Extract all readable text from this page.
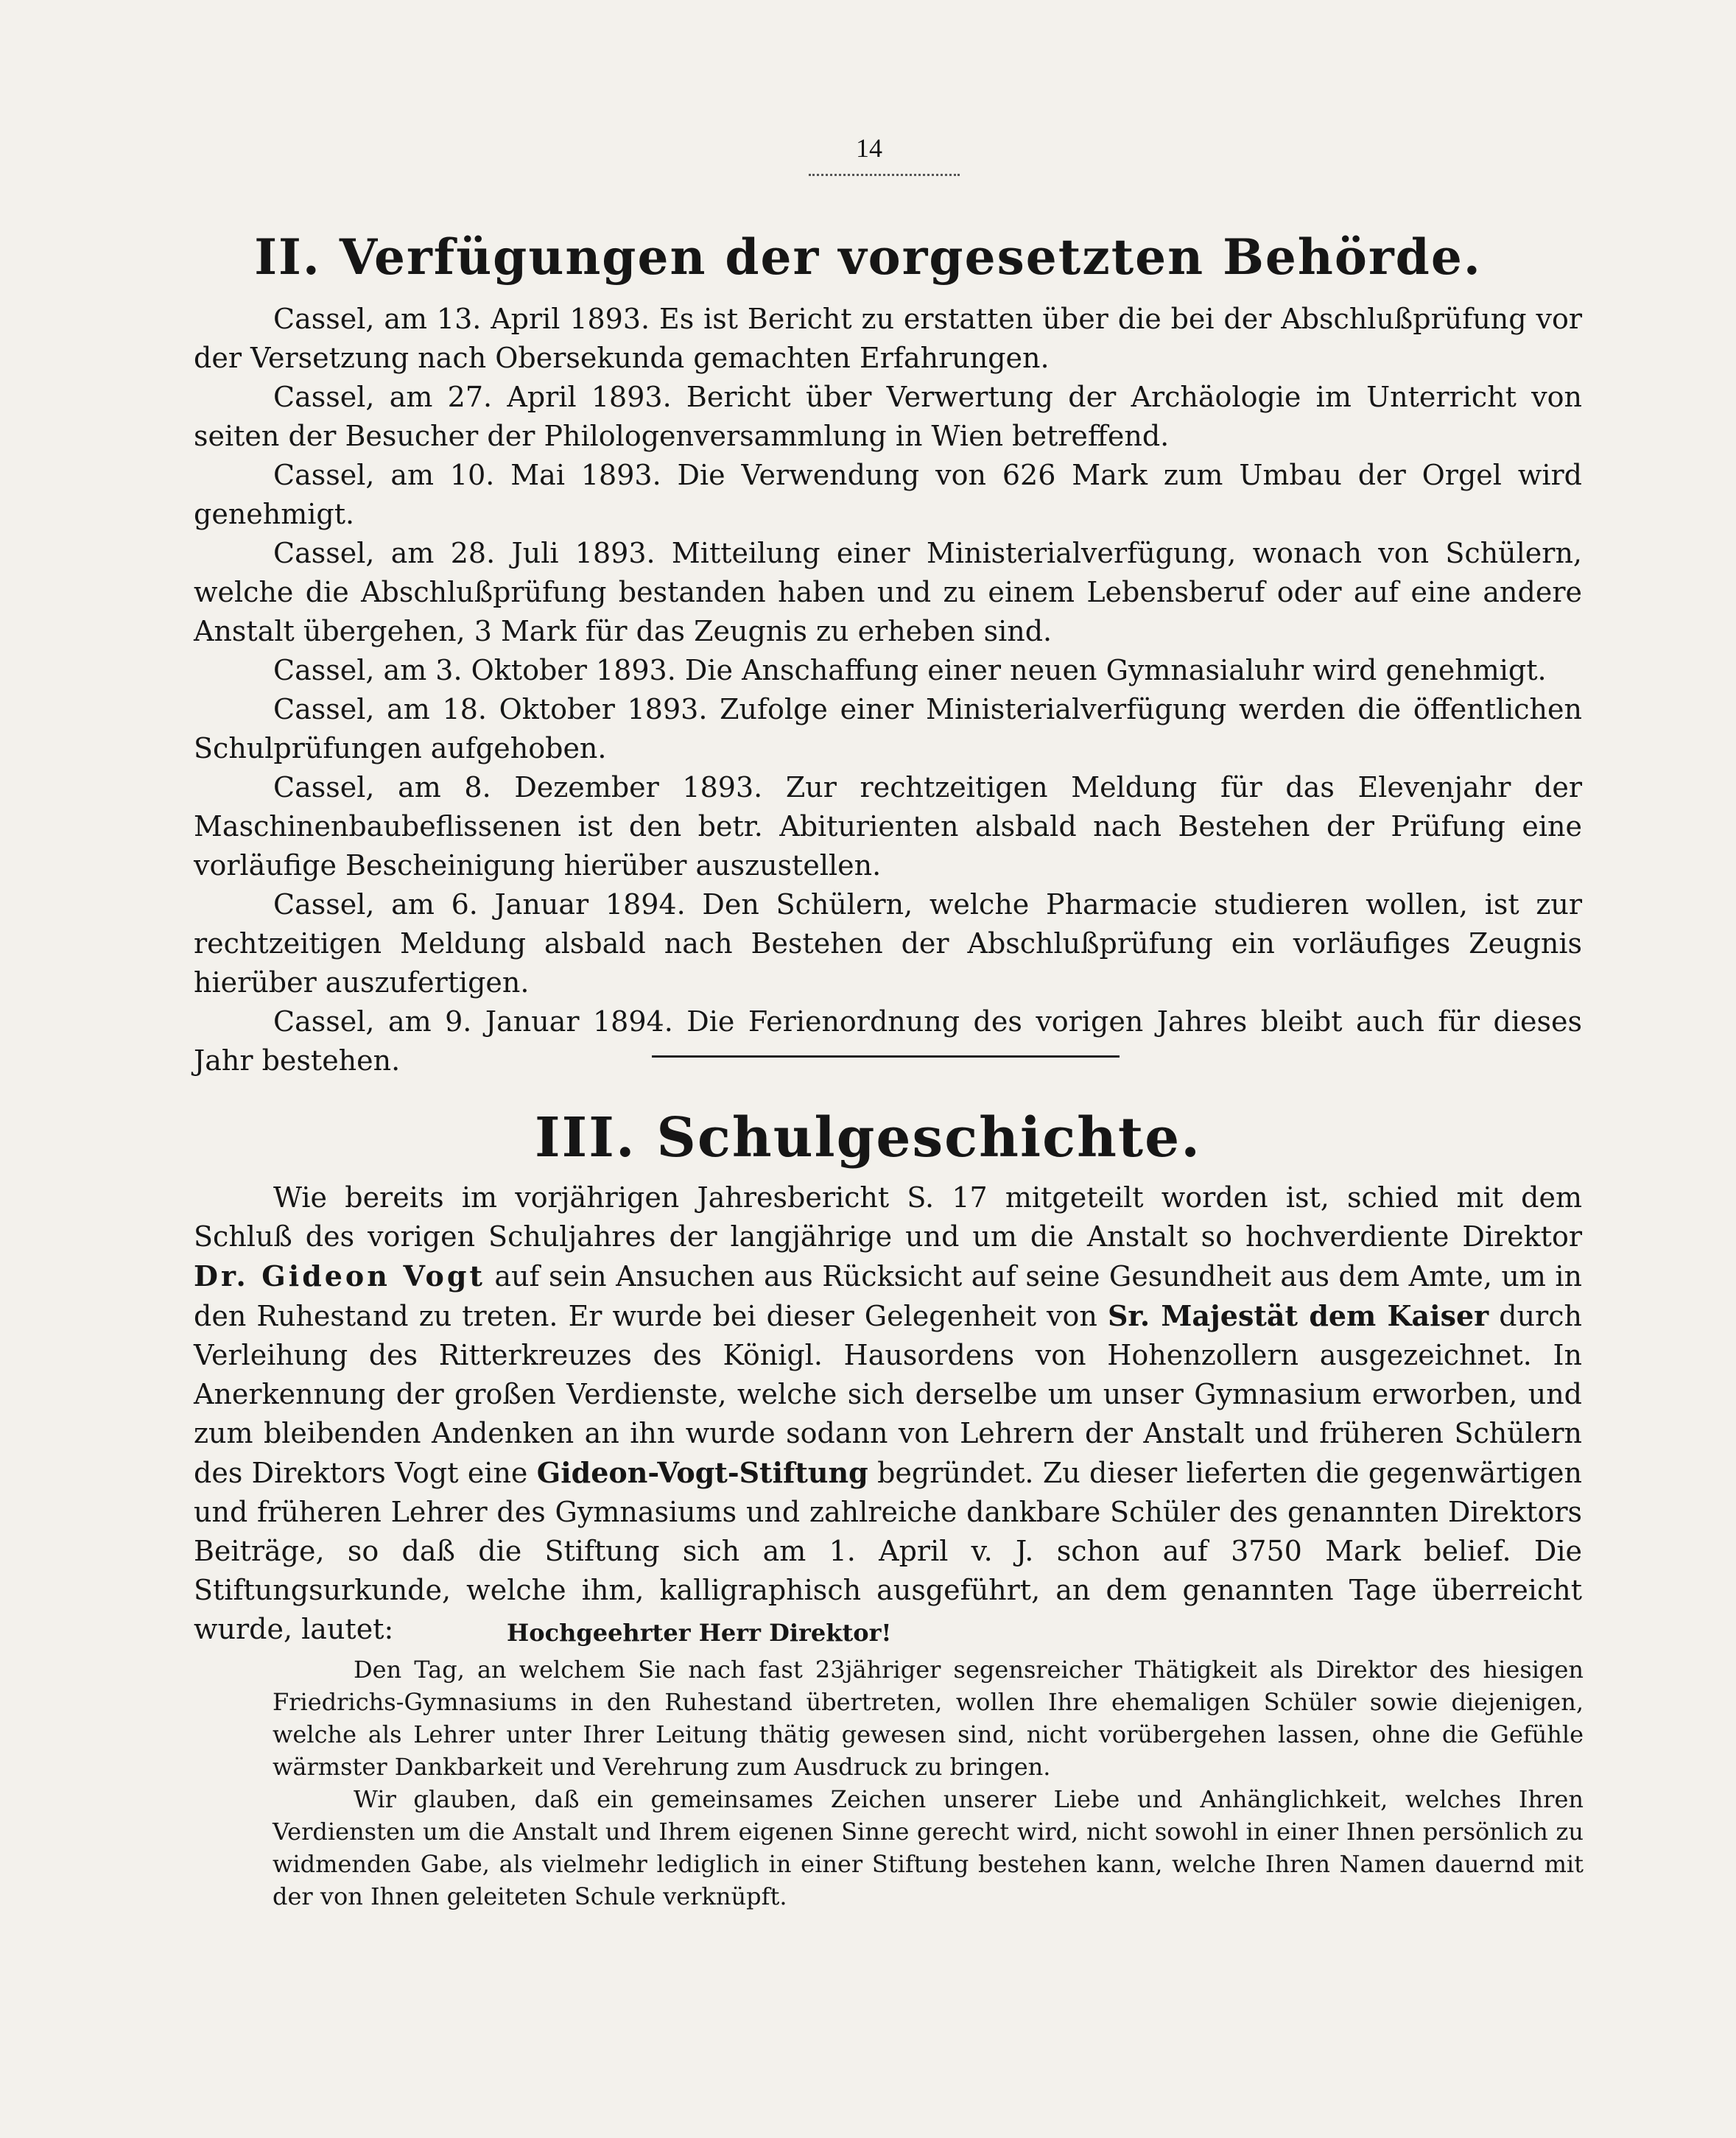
14
II. Verfügungen der vorgesetzten Behörde.
Cassel, am 13. April 1893. Es ist Bericht zu erstatten über die bei der Abschlußprüfung vor der Versetzung nach Obersekunda gemachten Erfahrungen.
Cassel, am 27. April 1893. Bericht über Verwertung der Archäologie im Unterricht von seiten der Besucher der Philologenversammlung in Wien betreffend.
Cassel, am 10. Mai 1893. Die Verwendung von 626 Mark zum Umbau der Orgel wird genehmigt.
Cassel, am 28. Juli 1893. Mitteilung einer Ministerialverfügung, wonach von Schülern, welche die Abschlußprüfung bestanden haben und zu einem Lebensberuf oder auf eine andere Anstalt übergehen, 3 Mark für das Zeugnis zu erheben sind.
Cassel, am 3. Oktober 1893. Die Anschaffung einer neuen Gymnasialuhr wird genehmigt.
Cassel, am 18. Oktober 1893. Zufolge einer Ministerialverfügung werden die öffentlichen Schulprüfungen aufgehoben.
Cassel, am 8. Dezember 1893. Zur rechtzeitigen Meldung für das Elevenjahr der Maschinenbaubeflissenen ist den betr. Abiturienten alsbald nach Bestehen der Prüfung eine vorläufige Bescheinigung hierüber auszustellen.
Cassel, am 6. Januar 1894. Den Schülern, welche Pharmacie studieren wollen, ist zur rechtzeitigen Meldung alsbald nach Bestehen der Abschlußprüfung ein vorläufiges Zeugnis hierüber auszufertigen.
Cassel, am 9. Januar 1894. Die Ferienordnung des vorigen Jahres bleibt auch für dieses Jahr bestehen.
III. Schulgeschichte.
Wie bereits im vorjährigen Jahresbericht S. 17 mitgeteilt worden ist, schied mit dem Schluß des vorigen Schuljahres der langjährige und um die Anstalt so hochverdiente Direktor Dr. Gideon Vogt auf sein Ansuchen aus Rücksicht auf seine Gesundheit aus dem Amte, um in den Ruhestand zu treten. Er wurde bei dieser Gelegenheit von Sr. Majestät dem Kaiser durch Verleihung des Ritterkreuzes des Königl. Hausordens von Hohenzollern ausgezeichnet. In Anerkennung der großen Verdienste, welche sich derselbe um unser Gymnasium erworben, und zum bleibenden Andenken an ihn wurde sodann von Lehrern der Anstalt und früheren Schülern des Direktors Vogt eine Gideon-Vogt-Stiftung begründet. Zu dieser lieferten die gegenwärtigen und früheren Lehrer des Gymnasiums und zahlreiche dankbare Schüler des genannten Direktors Beiträge, so daß die Stiftung sich am 1. April v. J. schon auf 3750 Mark belief. Die Stiftungsurkunde, welche ihm, kalligraphisch ausgeführt, an dem genannten Tage überreicht wurde, lautet:	Hochgeehrter Herr Direktor!

Den Tag, an welchem Sie nach fast 23jähriger segensreicher Thätigkeit als Direktor des hiesigen Friedrichs-Gymnasiums in den Ruhestand übertreten, wollen Ihre ehemaligen Schüler sowie diejenigen, welche als Lehrer unter Ihrer Leitung thätig gewesen sind, nicht vorübergehen lassen, ohne die Gefühle wärmster Dankbarkeit und Verehrung zum Ausdruck zu bringen.

Wir glauben, daß ein gemeinsames Zeichen unserer Liebe und Anhänglichkeit, welches Ihren Verdiensten um die Anstalt und Ihrem eigenen Sinne gerecht wird, nicht sowohl in einer Ihnen persönlich zu widmenden Gabe, als vielmehr lediglich in einer Stiftung bestehen kann, welche Ihren Namen dauernd mit der von Ihnen geleiteten Schule verknüpft.
